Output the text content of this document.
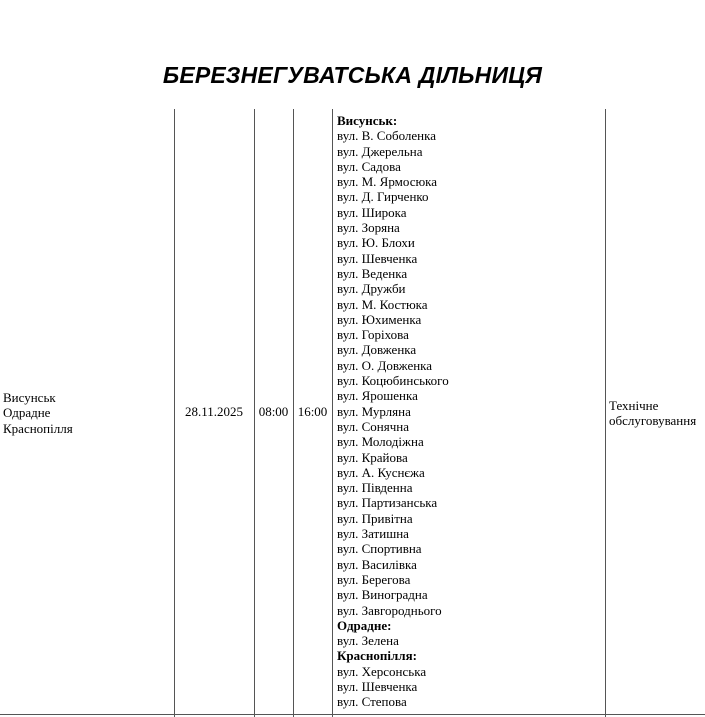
БЕРЕЗНЕГУВАТСЬКА ДІЛЬНИЦЯ
Висунськ
Одрадне
Краснопілля
28.11.2025	08:00 16:00
Висунськ:
вул. В. Соболенка
вул. Джерельна
вул. Садова
вул. М. Ярмосюка
вул. Д. Гирченко
вул. Широка
вул. Зоряна
вул. Ю. Блохи
вул. Шевченка
вул. Веденка
вул. Дружби
вул. М. Костюка
вул. Юхименка
вул. Горіхова
вул. Довженка
вул. О. Довженка
вул. Коцюбинського
вул. Ярошенка
вул. Мурляна
вул. Сонячна
вул. Молодіжна
вул. Крайова
вул. А. Куснєжа
вул. Південна
вул. Партизанська
вул. Привітна
вул. Затишна
вул. Спортивна
вул. Василівка
вул. Берегова
вул. Виноградна
вул. Завгороднього
Одрадне:
вул. Зелена
Краснопілля:
вул. Херсонська
вул. Шевченка
вул. Степова
Технічне
обслуговування
